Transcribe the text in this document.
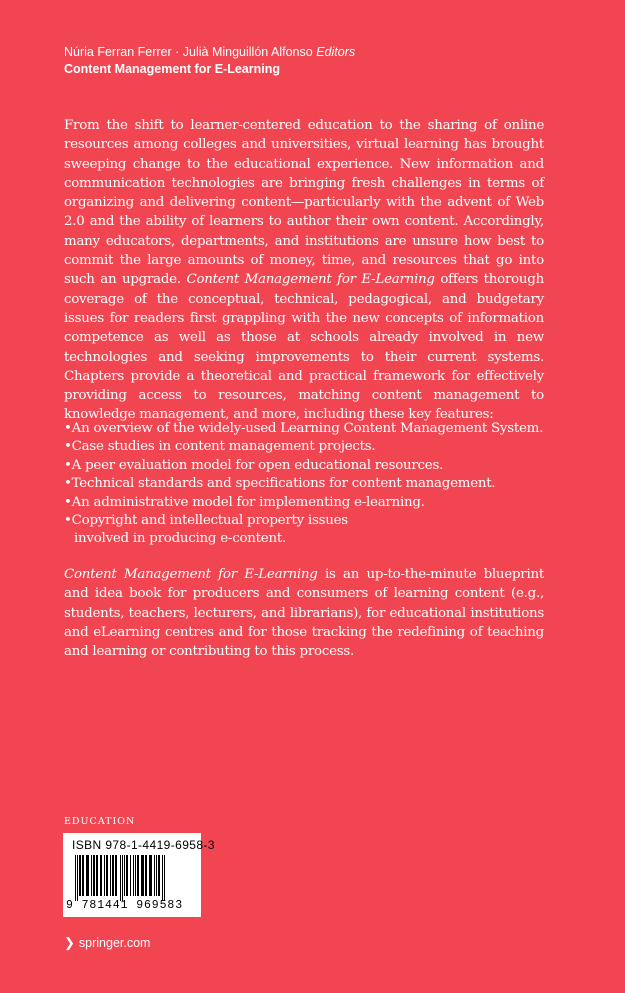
Núria Ferran Ferrer · Julià Minguillón Alfonso Editors
Content Management for E-Learning

From the shift to learner-centered education to the sharing of online resources among colleges and universities, virtual learning has brought sweeping change to the educational experience. New information and communication technologies are bringing fresh challenges in terms of organizing and delivering content—particularly with the advent of Web 2.0 and the ability of learners to author their own content. Accordingly, many educators, departments, and institutions are unsure how best to commit the large amounts of money, time, and resources that go into such an upgrade. Content Management for E-Learning offers thorough coverage of the conceptual, technical, pedagogical, and budgetary issues for readers first grappling with the new concepts of information competence as well as those at schools already involved in new technologies and seeking improvements to their current systems. Chapters provide a theoretical and practical framework for effectively providing access to resources, matching content management to knowledge management, and more, including these key features:

• An overview of the widely-used Learning Content Management System.
• Case studies in content management projects.
• A peer evaluation model for open educational resources.
• Technical standards and specifications for content management.
• An administrative model for implementing e-learning.
• Copyright and intellectual property issues involved in producing e-content.

Content Management for E-Learning is an up-to-the-minute blueprint and idea book for producers and consumers of learning content (e.g., students, teachers, lecturers, and librarians), for educational institutions and eLearning centres and for those tracking the redefining of teaching and learning or contributing to this process.

EDUCATION
ISBN 978-1-4419-6958-3
9 781441 969583
❯ springer.com
